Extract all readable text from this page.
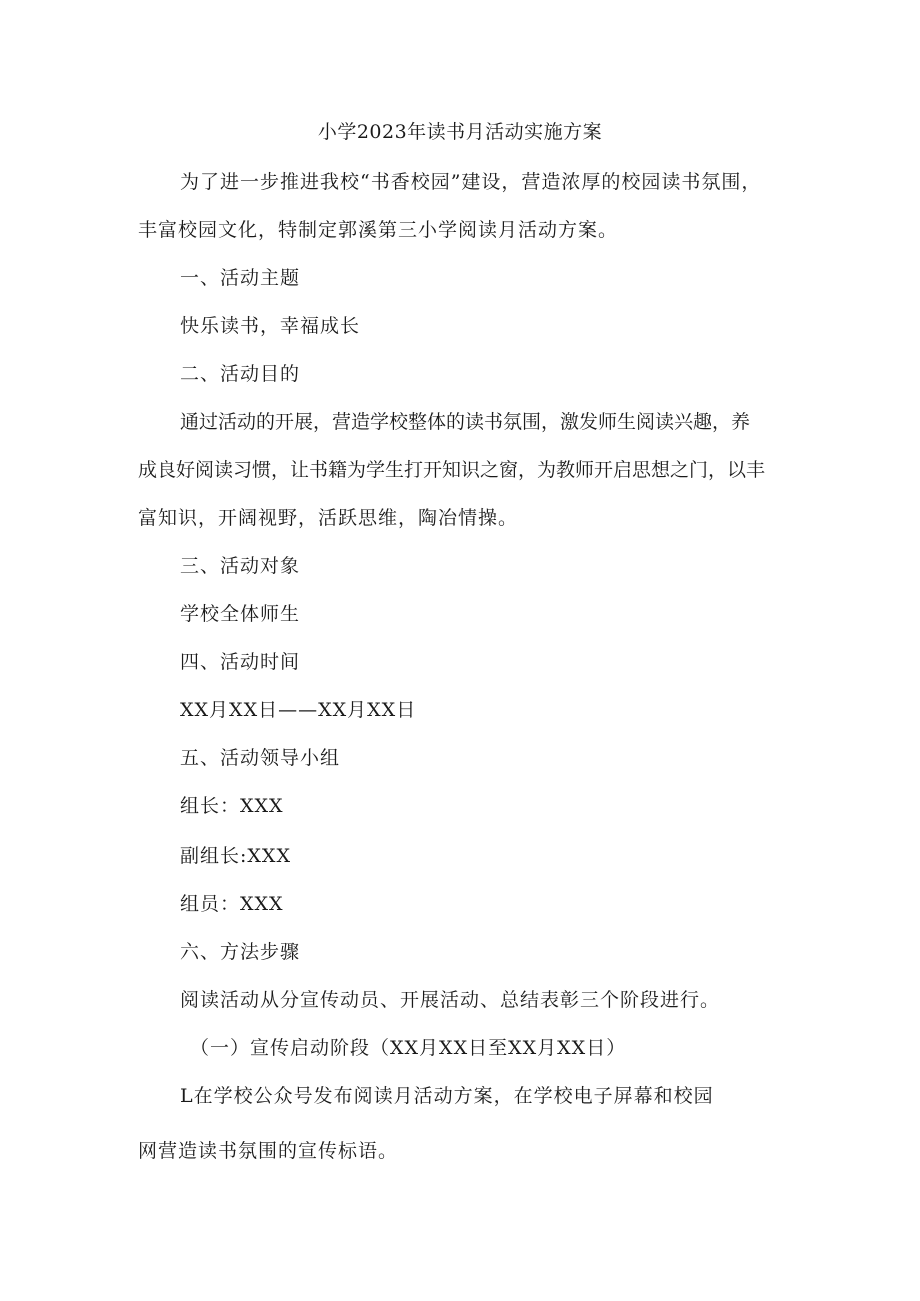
小学2023年读书月活动实施方案
为了进一步推进我校“书香校园”建设，营造浓厚的校园读书氛围，
丰富校园文化，特制定郭溪第三小学阅读月活动方案。
一、活动主题
快乐读书，幸福成长
二、活动目的
通过活动的开展，营造学校整体的读书氛围，激发师生阅读兴趣，养
成良好阅读习惯，让书籍为学生打开知识之窗，为教师开启思想之门，以丰
富知识，开阔视野，活跃思维，陶冶情操。
三、活动对象
学校全体师生
四、活动时间
XX月XX日——XX月XX日
五、活动领导小组
组长：XXX
副组长:XXX
组员：XXX
六、方法步骤
阅读活动从分宣传动员、开展活动、总结表彰三个阶段进行。
（一）宣传启动阶段（XX月XX日至XX月XX日）
L在学校公众号发布阅读月活动方案，在学校电子屏幕和校园
网营造读书氛围的宣传标语。
